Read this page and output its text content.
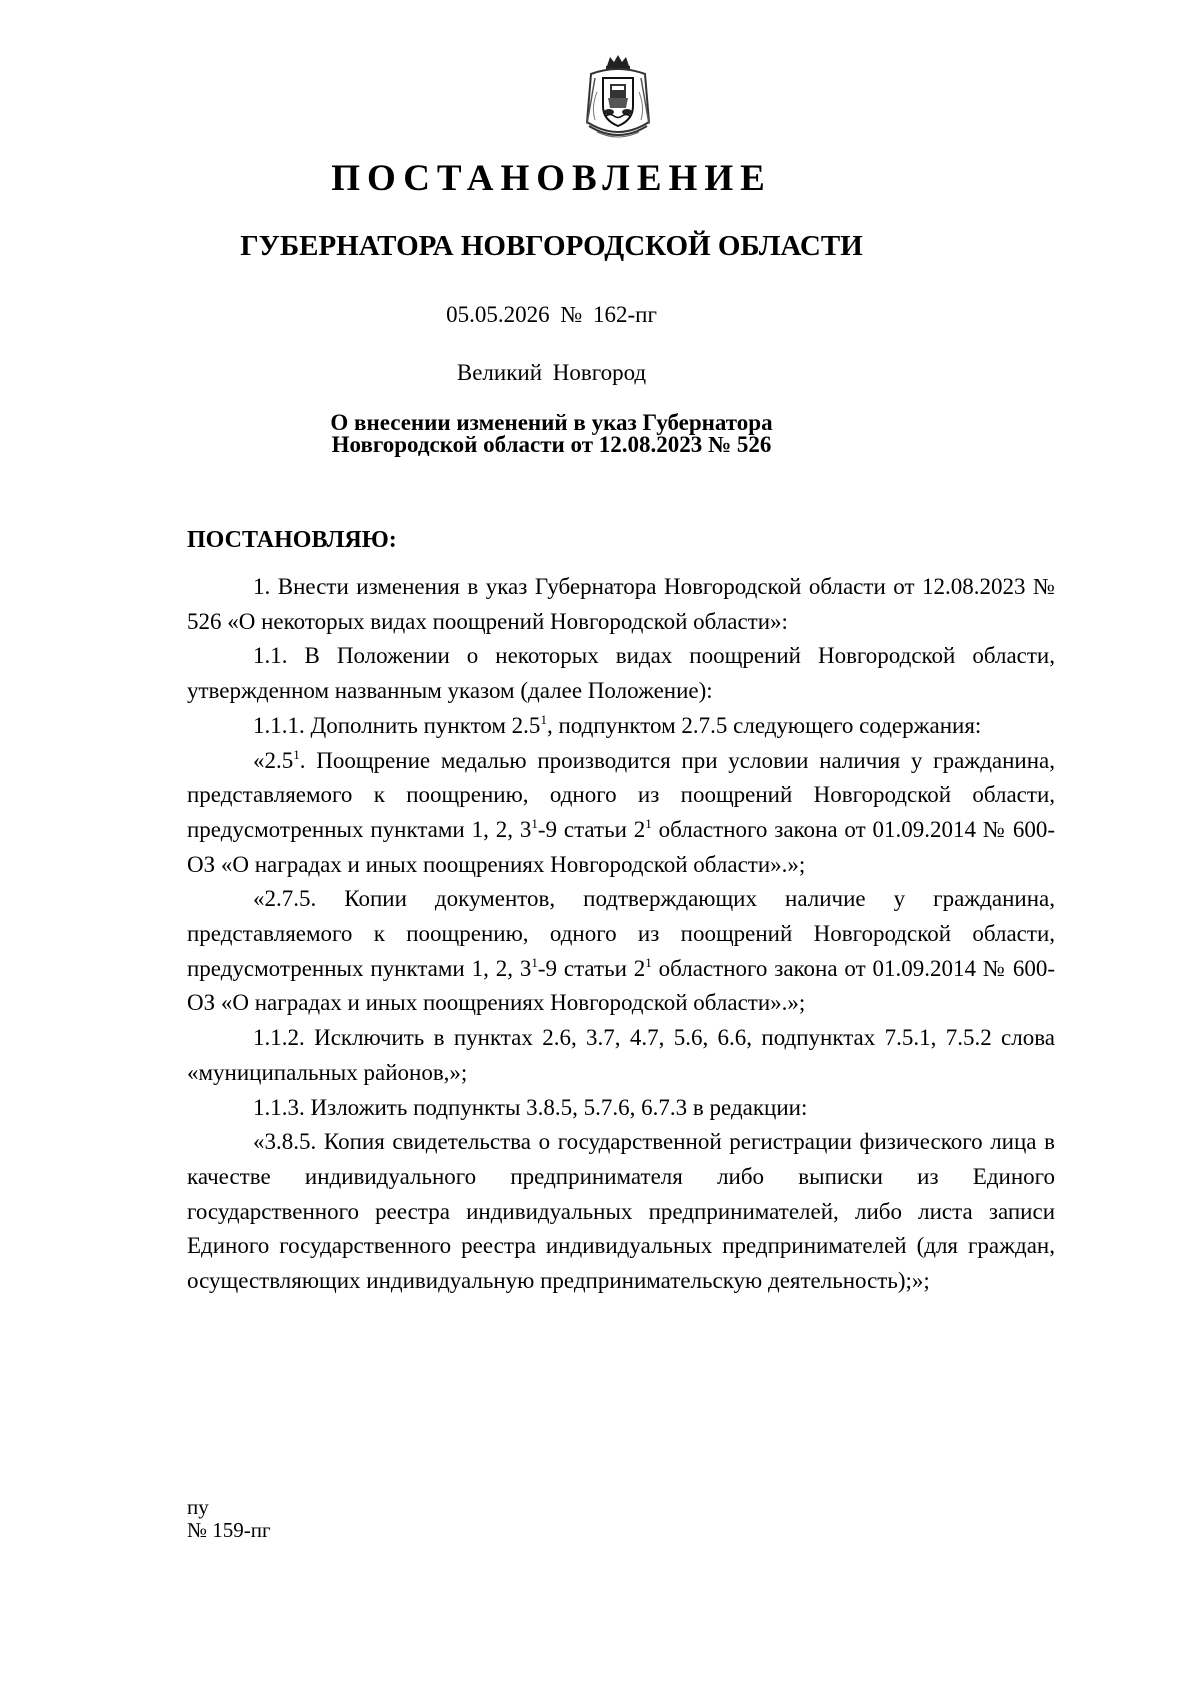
ПОСТАНОВЛЕНИЕ
ГУБЕРНАТОРА НОВГОРОДСКОЙ ОБЛАСТИ
05.05.2026 № 162-пг
Великий Новгород
О внесении изменений в указ Губернатора
Новгородской области от 12.08.2023 № 526
ПОСТАНОВЛЯЮ:

1. Внести изменения в указ Губернатора Новгородской области от 12.08.2023 № 526 «О некоторых видах поощрений Новгородской области»:

1.1. В Положении о некоторых видах поощрений Новгородской области, утвержденном названным указом (далее Положение):

1.1.1. Дополнить пунктом $2.5^1$, подпунктом 2.7.5 следующего содержания:

«$2.5^1$. Поощрение медалью производится при условии наличия у гражданина, представляемого к поощрению, одного из поощрений Новгородской области, предусмотренных пунктами 1, 2, $3^1-9$ статьи $2^1$ областного закона от 01.09.2014 № 600-ОЗ «О наградах и иных поощрениях Новгородской области».»;

«2.7.5. Копии документов, подтверждающих наличие у гражданина, представляемого к поощрению, одного из поощрений Новгородской области, предусмотренных пунктами 1, 2, $3^1-9$ статьи $2^1$ областного закона от 01.09.2014 № 600-ОЗ «О наградах и иных поощрениях Новгородской области».»;

1.1.2. Исключить в пунктах 2.6, 3.7, 4.7, 5.6, 6.6, подпунктах 7.5.1, 7.5.2 слова «муниципальных районов,»;

1.1.3. Изложить подпункты 3.8.5, 5.7.6, 6.7.3 в редакции:

«3.8.5. Копия свидетельства о государственной регистрации физического лица в качестве индивидуального предпринимателя либо выписки из Единого государственного реестра индивидуальных предпринимателей, либо листа записи Единого государственного реестра индивидуальных предпринимателей (для граждан, осуществляющих индивидуальную предпринимательскую деятельность);»;

пу
№ 159-пг
